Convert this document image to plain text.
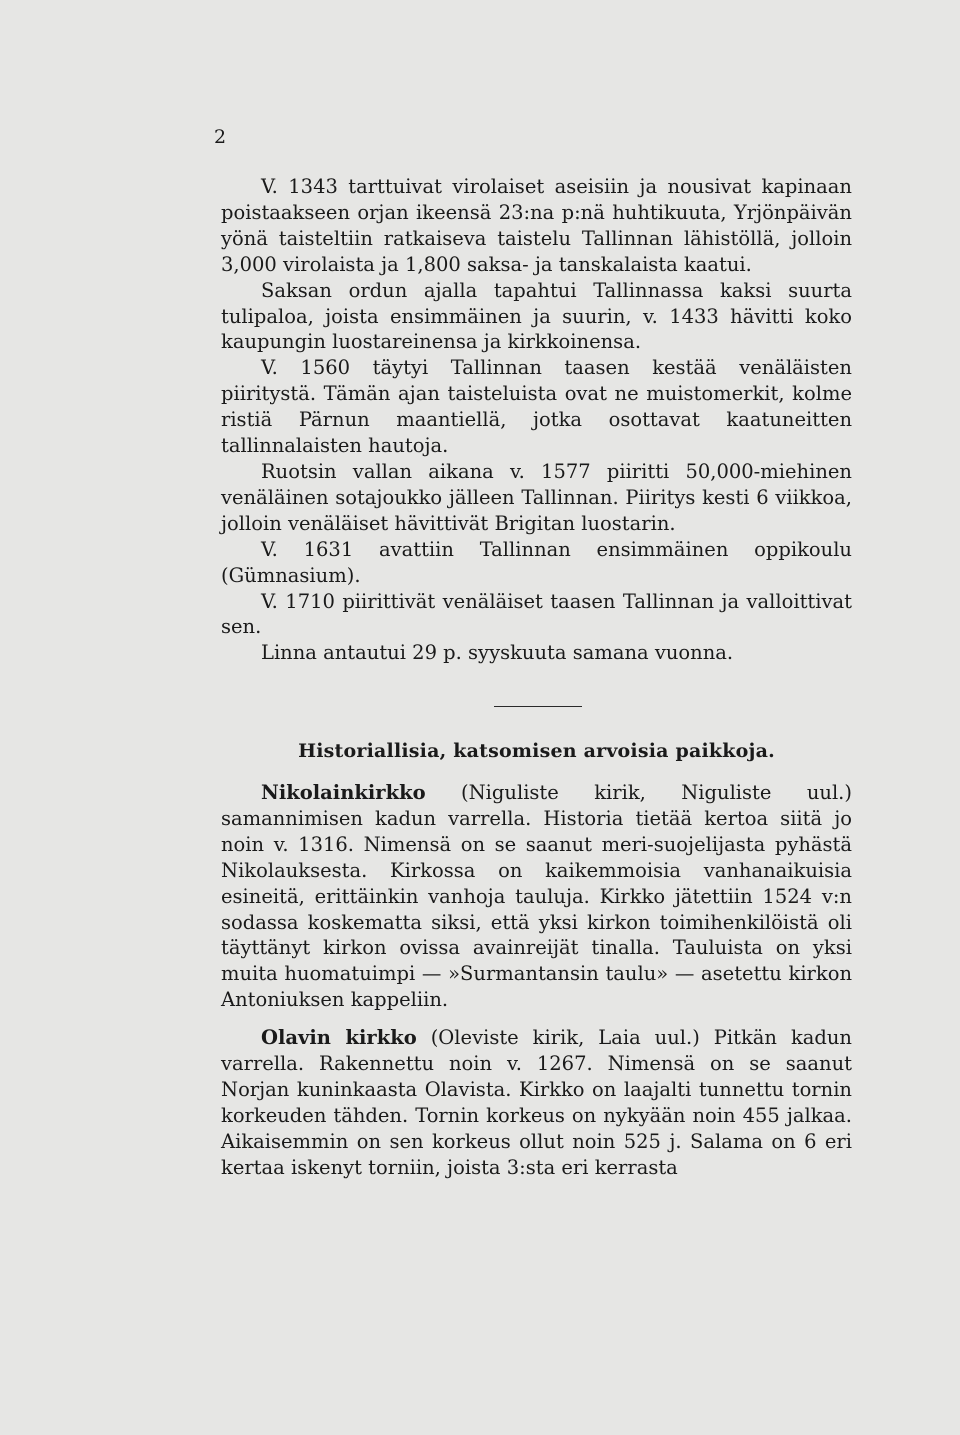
2

V. 1343 tarttuivat virolaiset aseisiin ja nousivat kapinaan poistaakseen orjan ikeensä 23:na p:nä huhtikuuta, Yrjönpäivän yönä taisteltiin ratkaiseva taistelu Tallinnan lähistöllä, jolloin 3,000 virolaista ja 1,800 saksa- ja tanskalaista kaatui.

Saksan ordun ajalla tapahtui Tallinnassa kaksi suurta tulipaloa, joista ensimmäinen ja suurin, v. 1433 hävitti koko kaupungin luostareinensa ja kirkkoinensa.

V. 1560 täytyi Tallinnan taasen kestää venäläisten piiritystä. Tämän ajan taisteluista ovat ne muistomerkit, kolme ristiä Pärnun maantiellä, jotka osottavat kaatuneitten tallinnalaisten hautoja.

Ruotsin vallan aikana v. 1577 piiritti 50,000-miehinen venäläinen sotajoukko jälleen Tallinnan. Piiritys kesti 6 viikkoa, jolloin venäläiset hävittivät Brigitan luostarin.

V. 1631 avattiin Tallinnan ensimmäinen oppikoulu (Gümnasium).

V. 1710 piirittivät venäläiset taasen Tallinnan ja valloittivat sen.

Linna antautui 29 p. syyskuuta samana vuonna.

Historiallisia, katsomisen arvoisia paikkoja.

Nikolainkirkko (Niguliste kirik, Niguliste uul.) samannimisen kadun varrella. Historia tietää kertoa siitä jo noin v. 1316. Nimensä on se saanut meri-suojelijasta pyhästä Nikolauksesta. Kirkossa on kaikemmoisia vanhanaikuisia esineitä, erittäinkin vanhoja tauluja. Kirkko jätettiin 1524 v:n sodassa koskematta siksi, että yksi kirkon toimihenkilöistä oli täyttänyt kirkon ovissa avainreijät tinalla. Tauluista on yksi muita huomatuimpi — »Surmantansin taulu» — asetettu kirkon Antoniuksen kappeliin.

Olavin kirkko (Oleviste kirik, Laia uul.) Pitkän kadun varrella. Rakennettu noin v. 1267. Nimensä on se saanut Norjan kuninkaasta Olavista. Kirkko on laajalti tunnettu tornin korkeuden tähden. Tornin korkeus on nykyään noin 455 jalkaa. Aikaisemmin on sen korkeus ollut noin 525 j. Salama on 6 eri kertaa iskenyt torniin, joista 3:sta eri kerrasta
